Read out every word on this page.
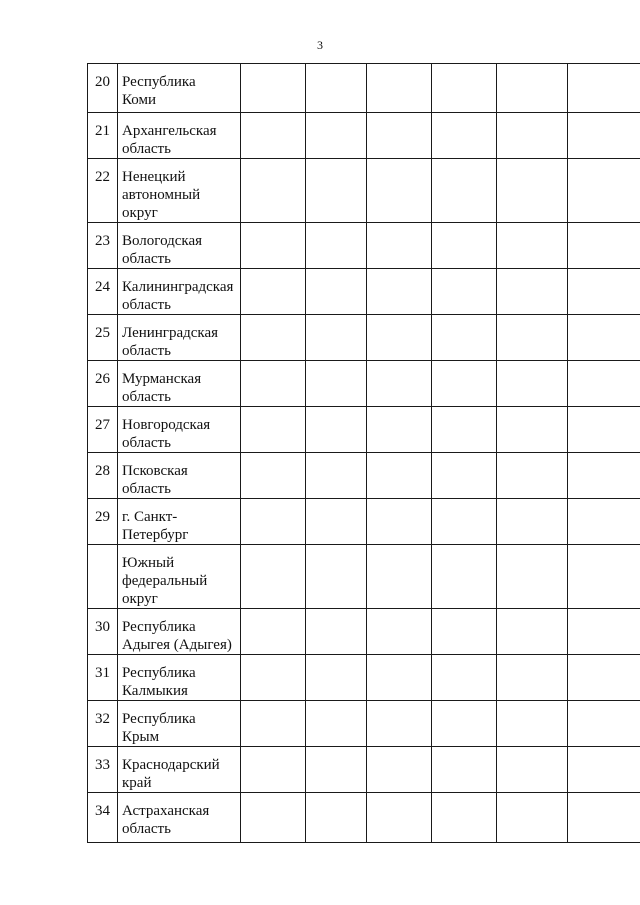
3
20	Республика
Коми						
21	Архангельская
область						
22	Ненецкий
автономный
округ						
23	Вологодская
область						
24	Калининградская
область						
25	Ленинградская
область						
26	Мурманская
область						
27	Новгородская
область						
28	Псковская
область						
29	г. Санкт-
Петербург						
	Южный
федеральный
округ						
30	Республика
Адыгея (Адыгея)						
31	Республика
Калмыкия						
32	Республика
Крым						
33	Краснодарский
край						
34	Астраханская
область						
